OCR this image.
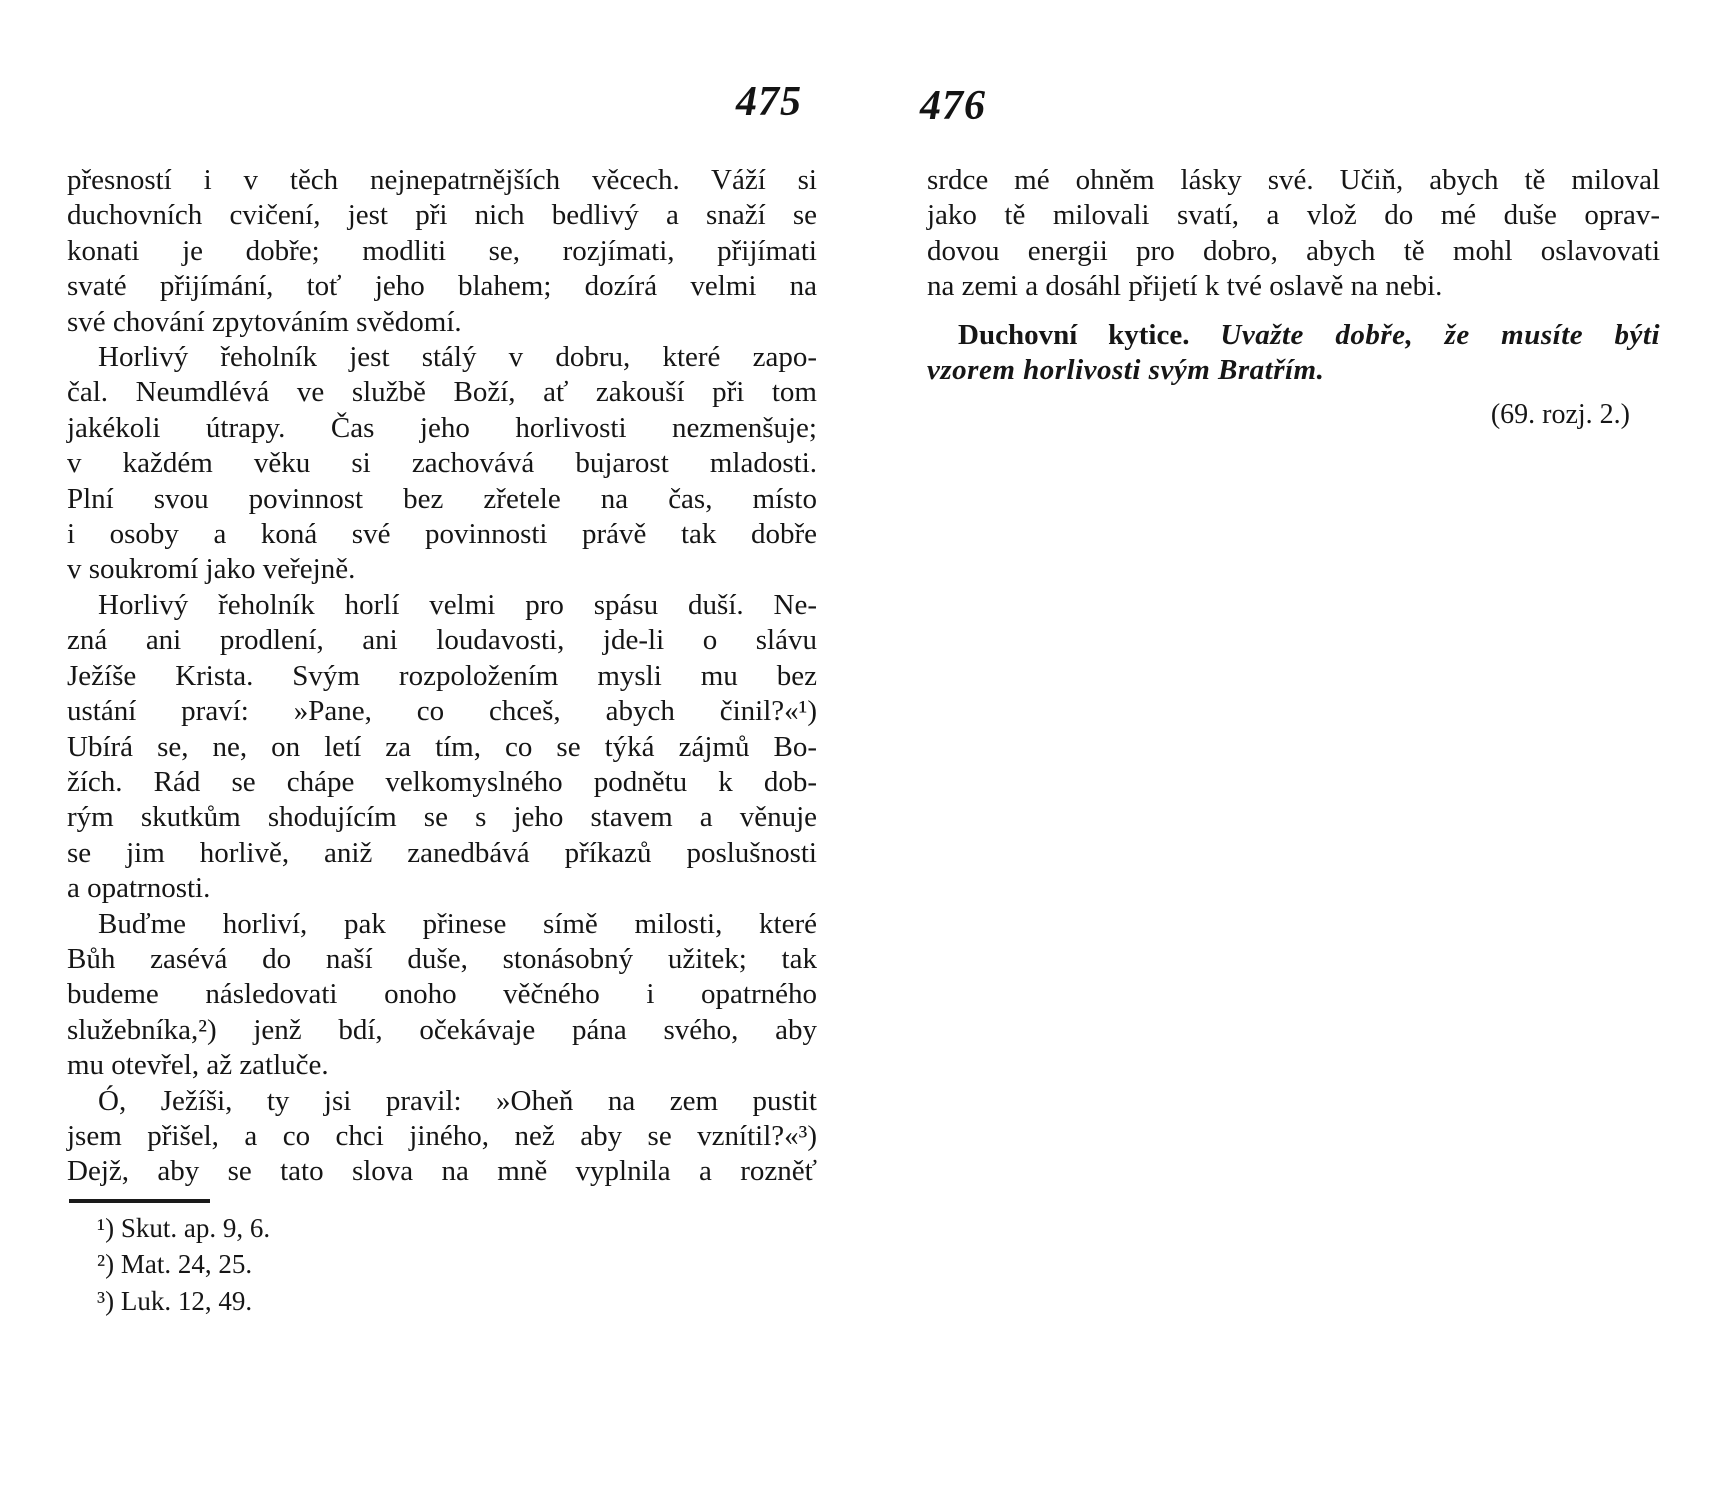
475	476
přesností i v těch nejnepatrnějších věcech. Váží si
duchovních cvičení, jest při nich bedlivý a snaží se
konati je dobře; modliti se, rozjímati, přijímati
svaté přijímání, toť jeho blahem; dozírá velmi na
své chování zpytováním svědomí.
Horlivý řeholník jest stálý v dobru, které zapo-
čal. Neumdlévá ve službě Boží, ať zakouší při tom
jakékoli útrapy. Čas jeho horlivosti nezmenšuje;
v každém věku si zachovává bujarost mladosti.
Plní svou povinnost bez zřetele na čas, místo
i osoby a koná své povinnosti právě tak dobře
v soukromí jako veřejně.
Horlivý řeholník horlí velmi pro spásu duší. Ne-
zná ani prodlení, ani loudavosti, jde-li o slávu
Ježíše Krista. Svým rozpoložením mysli mu bez
ustání praví: »Pane, co chceš, abych činil?«¹)
Ubírá se, ne, on letí za tím, co se týká zájmů Bo-
žích. Rád se chápe velkomyslného podnětu k dob-
rým skutkům shodujícím se s jeho stavem a věnuje
se jim horlivě, aniž zanedbává příkazů poslušnosti
a opatrnosti.
Buďme horliví, pak přinese símě milosti, které
Bůh zasévá do naší duše, stonásobný užitek; tak
budeme následovati onoho věčného i opatrného
služebníka,²) jenž bdí, očekávaje pána svého, aby
mu otevřel, až zatluče.
Ó, Ježíši, ty jsi pravil: »Oheň na zem pustit
jsem přišel, a co chci jiného, než aby se vznítil?«³)
Dejž, aby se tato slova na mně vyplnila a rozněť
¹) Skut. ap. 9, 6.
²) Mat. 24, 25.
³) Luk. 12, 49.
srdce mé ohněm lásky své. Učiň, abych tě miloval
jako tě milovali svatí, a vlož do mé duše oprav-
dovou energii pro dobro, abych tě mohl oslavovati
na zemi a dosáhl přijetí k tvé oslavě na nebi.
Duchovní kytice. Uvažte dobře, že musíte býti
vzorem horlivosti svým Bratřím.
(69. rozj. 2.)
